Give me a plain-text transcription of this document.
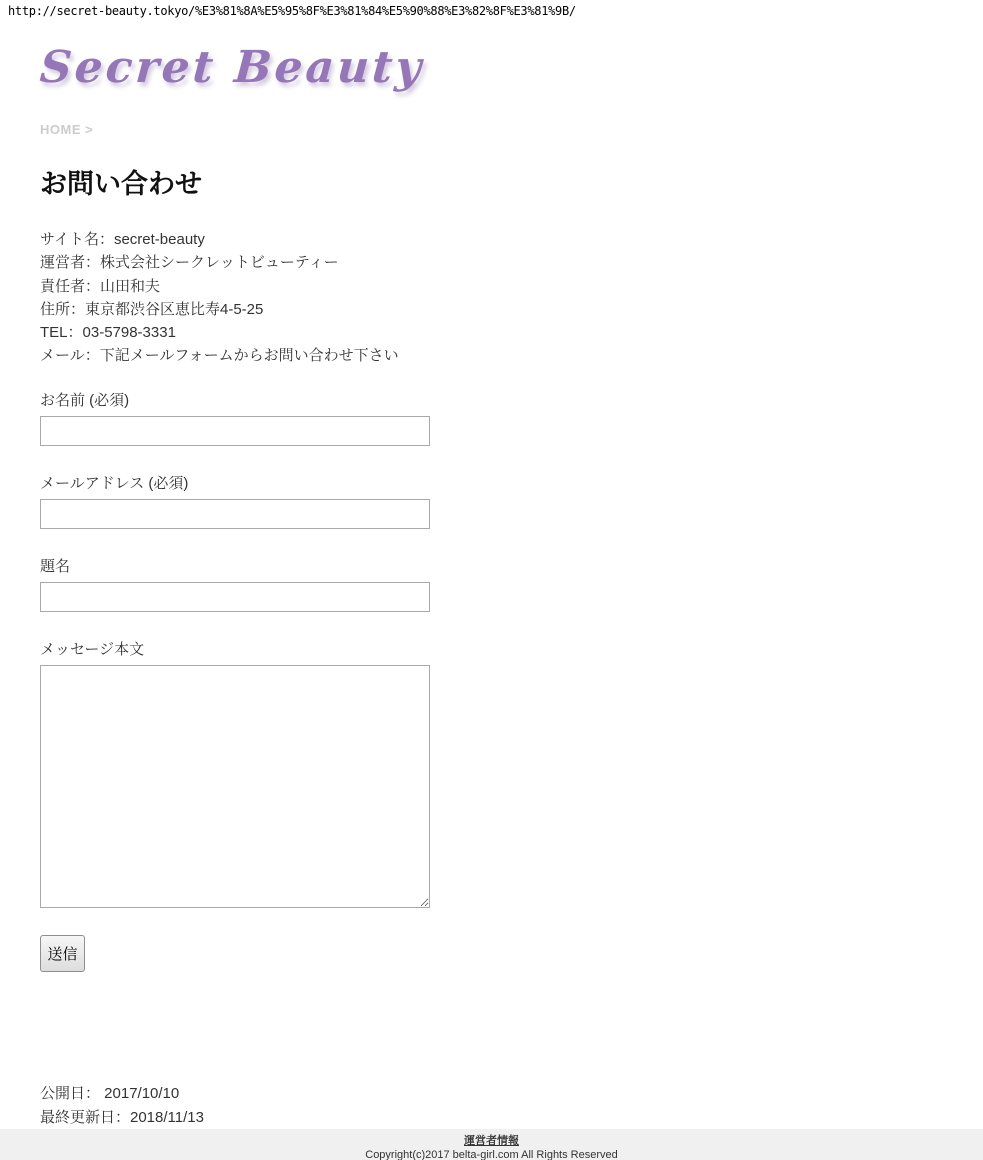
http://secret-beauty.tokyo/%E3%81%8A%E5%95%8F%E3%81%84%E5%90%88%E3%82%8F%E3%81%9B/
Secret Beauty
HOME >
お問い合わせ
サイト名：secret-beauty
運営者：株式会社シークレットビューティー
責任者：山田和夫
住所：東京都渋谷区恵比寿4-5-25
TEL：03-5798-3331
メール：下記メールフォームからお問い合わせ下さい
お名前 (必須)
メールアドレス (必須)
題名
メッセージ本文
送信
公開日： 2017/10/10
最終更新日：2018/11/13
運営者情報
Copyright(c)2017 belta-girl.com All Rights Reserved
